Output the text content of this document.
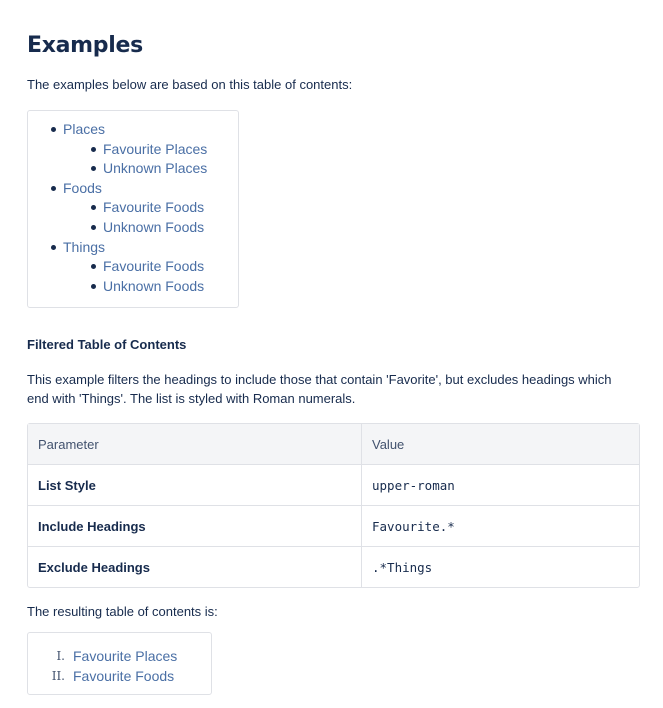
Examples

The examples below are based on this table of contents:

Places
Favourite Places
Unknown Places
Foods
Favourite Foods
Unknown Foods
Things
Favourite Foods
Unknown Foods
Filtered Table of Contents

This example filters the headings to include those that contain 'Favorite', but excludes headings which end with 'Things'. The list is styled with Roman numerals.

Parameter	Value
List Style	upper-roman
Include Headings	Favourite.*
Exclude Headings	.*Things

The resulting table of contents is:

I. Favourite Places
II. Favourite Foods
